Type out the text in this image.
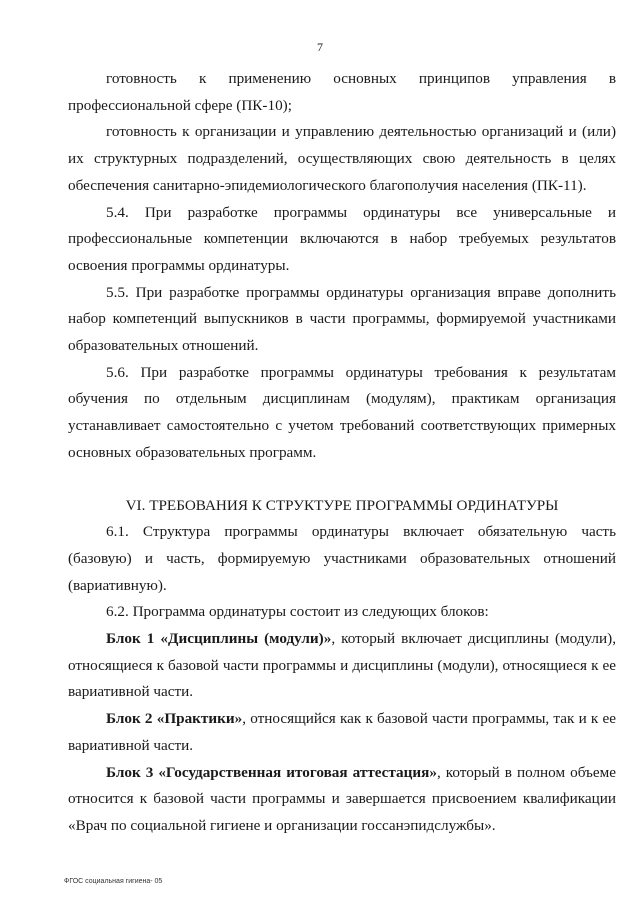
7

готовность к применению основных принципов управления в профессиональной сфере (ПК-10);

готовность к организации и управлению деятельностью организаций и (или) их структурных подразделений, осуществляющих свою деятельность в целях обеспечения санитарно-эпидемиологического благополучия населения (ПК-11).

5.4. При разработке программы ординатуры все универсальные и профессиональные компетенции включаются в набор требуемых результатов освоения программы ординатуры.

5.5. При разработке программы ординатуры организация вправе дополнить набор компетенций выпускников в части программы, формируемой участниками образовательных отношений.

5.6. При разработке программы ординатуры требования к результатам обучения по отдельным дисциплинам (модулям), практикам организация устанавливает самостоятельно с учетом требований соответствующих примерных основных образовательных программ.

VI. ТРЕБОВАНИЯ К СТРУКТУРЕ ПРОГРАММЫ ОРДИНАТУРЫ

6.1. Структура программы ординатуры включает обязательную часть (базовую) и часть, формируемую участниками образовательных отношений (вариативную).

6.2. Программа ординатуры состоит из следующих блоков:

Блок 1 «Дисциплины (модули)», который включает дисциплины (модули), относящиеся к базовой части программы и дисциплины (модули), относящиеся к ее вариативной части.

Блок 2 «Практики», относящийся как к базовой части программы, так и к ее вариативной части.

Блок 3 «Государственная итоговая аттестация», который в полном объеме относится к базовой части программы и завершается присвоением квалификации «Врач по социальной гигиене и организации госсанэпидслужбы».

ФГОС социальная гигиена- 05
